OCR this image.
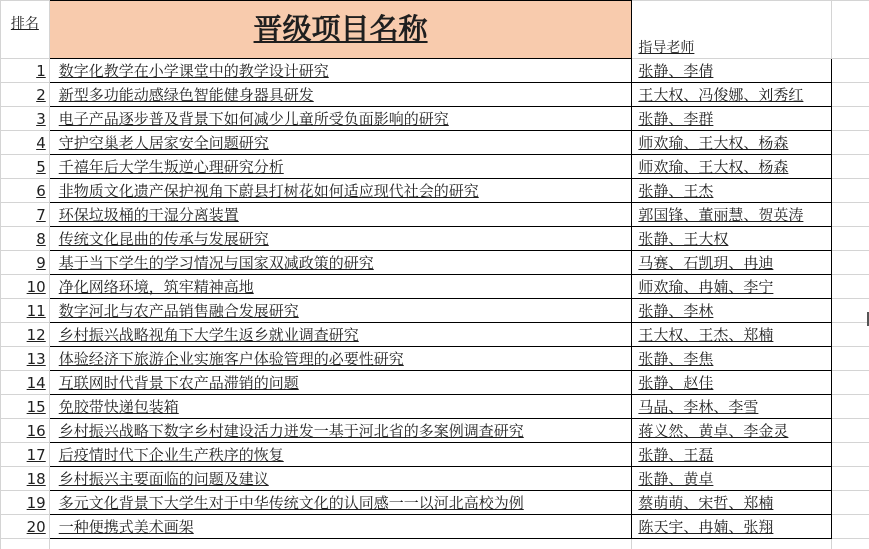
排名	晋级项目名称	指导老师	
1	数字化教学在小学课堂中的教学设计研究	张静、李倩	
2	新型多功能动感绿色智能健身器具研发	王大权、冯俊娜、刘秀红	
3	电子产品逐步普及背景下如何减少儿童所受负面影响的研究	张静、李群	
4	守护空巢老人居家安全问题研究	师欢瑜、王大权、杨森	
5	千禧年后大学生叛逆心理研究分析	师欢瑜、王大权、杨森	
6	非物质文化遗产保护视角下蔚县打树花如何适应现代社会的研究	张静、王杰	
7	环保垃圾桶的干湿分离装置	郭国锋、董丽慧、贺英涛	
8	传统文化昆曲的传承与发展研究	张静、王大权	
9	基于当下学生的学习情况与国家双减政策的研究	马赛、石凯玥、冉迪	
10	净化网络环境，筑牢精神高地	师欢瑜、冉婻、李宁	
11	数字河北与农产品销售融合发展研究	张静、李林	
12	乡村振兴战略视角下大学生返乡就业调查研究	王大权、王杰、郑楠	
13	体验经济下旅游企业实施客户体验管理的必要性研究	张静、李焦	
14	互联网时代背景下农产品滞销的问题	张静、赵佳	
15	免胶带快递包装箱	马晶、李林、李雪	
16	乡村振兴战略下数字乡村建设活力迸发一基于河北省的多案例调查研究	蒋义然、黄卓、李金灵	
17	后疫情时代下企业生产秩序的恢复	张静、王磊	
18	乡村振兴主要面临的问题及建议	张静、黄卓	
19	多元文化背景下大学生对于中华传统文化的认同感一一以河北高校为例	蔡萌萌、宋哲、郑楠	
20	一种便携式美术画架	陈天宇、冉婻、张翔	
